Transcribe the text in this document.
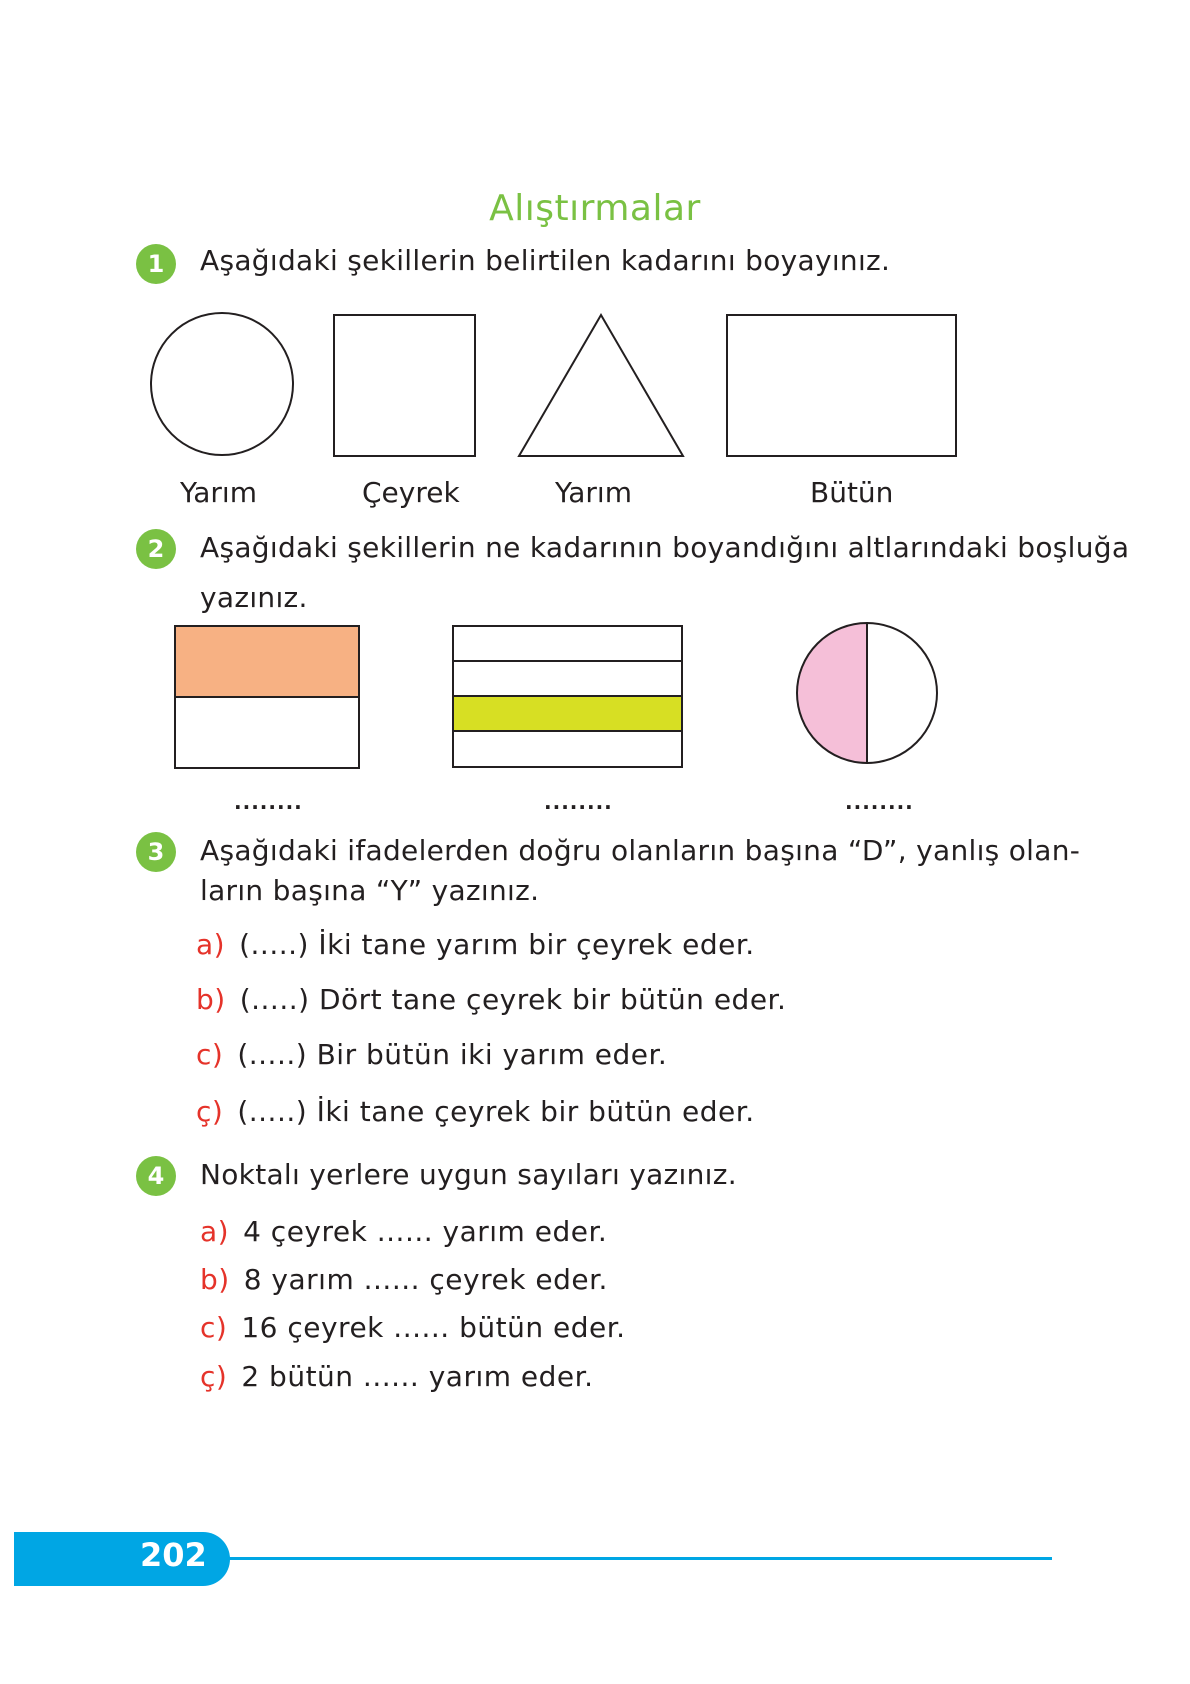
Alıştırmalar
1	Aşağıdaki şekillerin belirtilen kadarını boyayınız.
Yarım	Çeyrek	Yarım	Bütün
2	Aşağıdaki şekillerin ne kadarının boyandığını altlarındaki boşluğa
yazınız.
........	........	........
3	Aşağıdaki ifadelerden doğru olanların başına “D”, yanlış olan-
ların başına “Y” yazınız.
a) (.....) İki tane yarım bir çeyrek eder.
b) (.....) Dört tane çeyrek bir bütün eder.
c) (.....) Bir bütün iki yarım eder.
ç) (.....) İki tane çeyrek bir bütün eder.
4	Noktalı yerlere uygun sayıları yazınız.
a) 4 çeyrek ...... yarım eder.
b) 8 yarım ...... çeyrek eder.
c) 16 çeyrek ...... bütün eder.
ç) 2 bütün ...... yarım eder.
202
